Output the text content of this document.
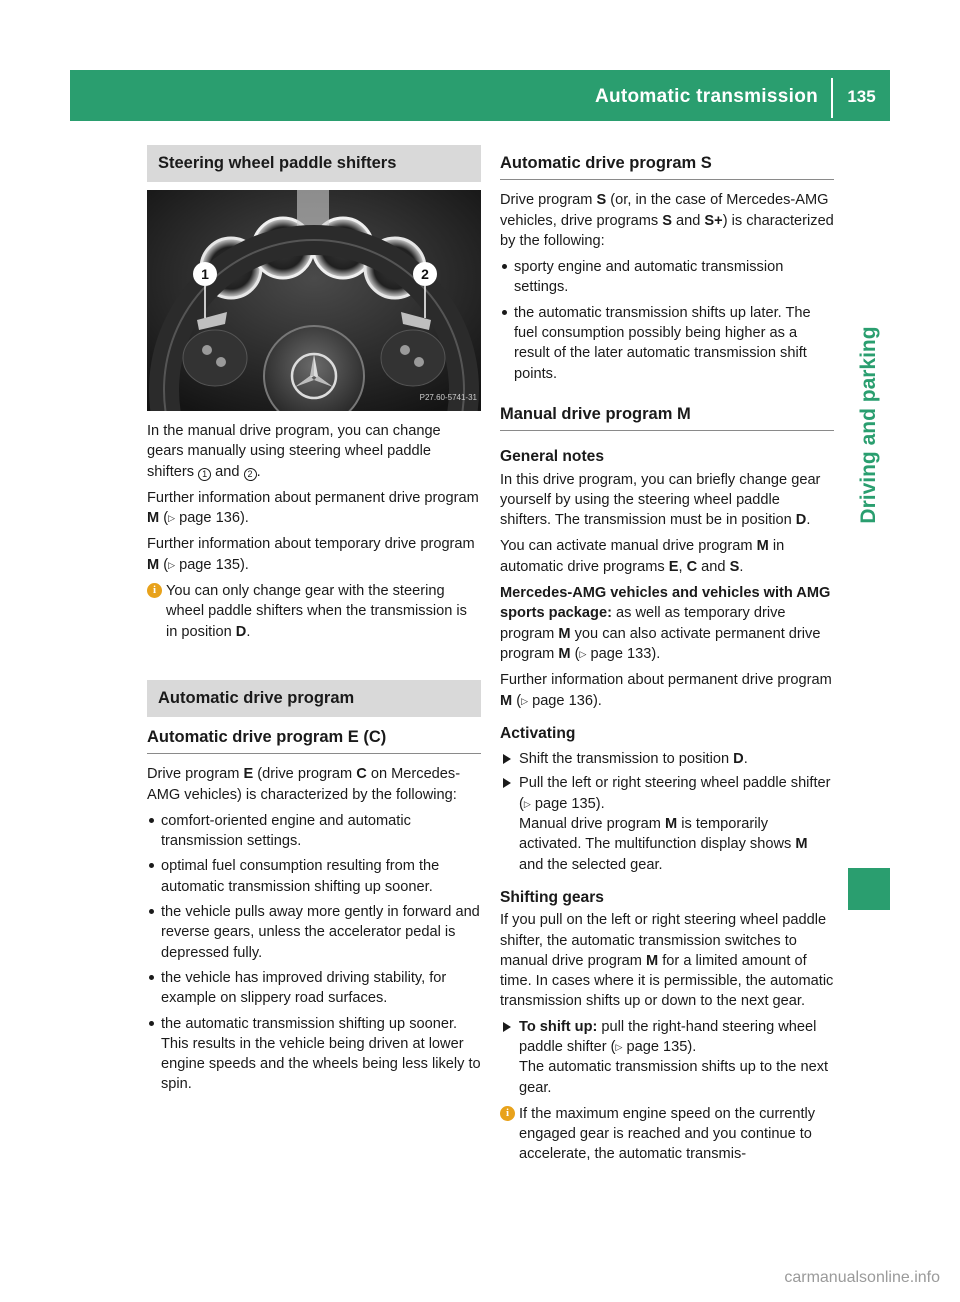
Automatic transmission	135
Driving and parking
Steering wheel paddle shifters
1	2
P27.60-5741-31

In the manual drive program, you can change gears manually using steering wheel paddle shifters 1 and 2 .

Further information about permanent drive program M (▷ page 136).

Further information about temporary drive program M (▷ page 135).

i You can only change gear with the steering wheel paddle shifters when the transmission is in position D.
Automatic drive program
Automatic drive program E (C)

Drive program E (drive program C on Mercedes-AMG vehicles) is characterized by the following:

comfort-oriented engine and automatic transmission settings.
optimal fuel consumption resulting from the automatic transmission shifting up sooner.
the vehicle pulls away more gently in forward and reverse gears, unless the accelerator pedal is depressed fully.
the vehicle has improved driving stability, for example on slippery road surfaces.
the automatic transmission shifting up sooner. This results in the vehicle being driven at lower engine speeds and the wheels being less likely to spin.
Automatic drive program S

Drive program S (or, in the case of Mercedes-AMG vehicles, drive programs S and S+) is characterized by the following:

sporty engine and automatic transmission settings.
the automatic transmission shifts up later. The fuel consumption possibly being higher as a result of the later automatic transmission shift points.
Manual drive program M
General notes

In this drive program, you can briefly change gear yourself by using the steering wheel paddle shifters. The transmission must be in position D.

You can activate manual drive program M in automatic drive programs E, C and S.

Mercedes-AMG vehicles and vehicles with AMG sports package: as well as temporary drive program M you can also activate permanent drive program M (▷ page 133).

Further information about permanent drive program M (▷ page 136).

Activating
Shift the transmission to position D.
Pull the left or right steering wheel paddle shifter (▷ page 135).
Manual drive program M is temporarily activated. The multifunction display shows M and the selected gear.
Shifting gears

If you pull on the left or right steering wheel paddle shifter, the automatic transmission switches to manual drive program M for a limited amount of time. In cases where it is permissible, the automatic transmission shifts up or down to the next gear.

To shift up: pull the right-hand steering wheel paddle shifter (▷ page 135).
The automatic transmission shifts up to the next gear.
i If the maximum engine speed on the currently engaged gear is reached and you continue to accelerate, the automatic transmis-
carmanualsonline.info
